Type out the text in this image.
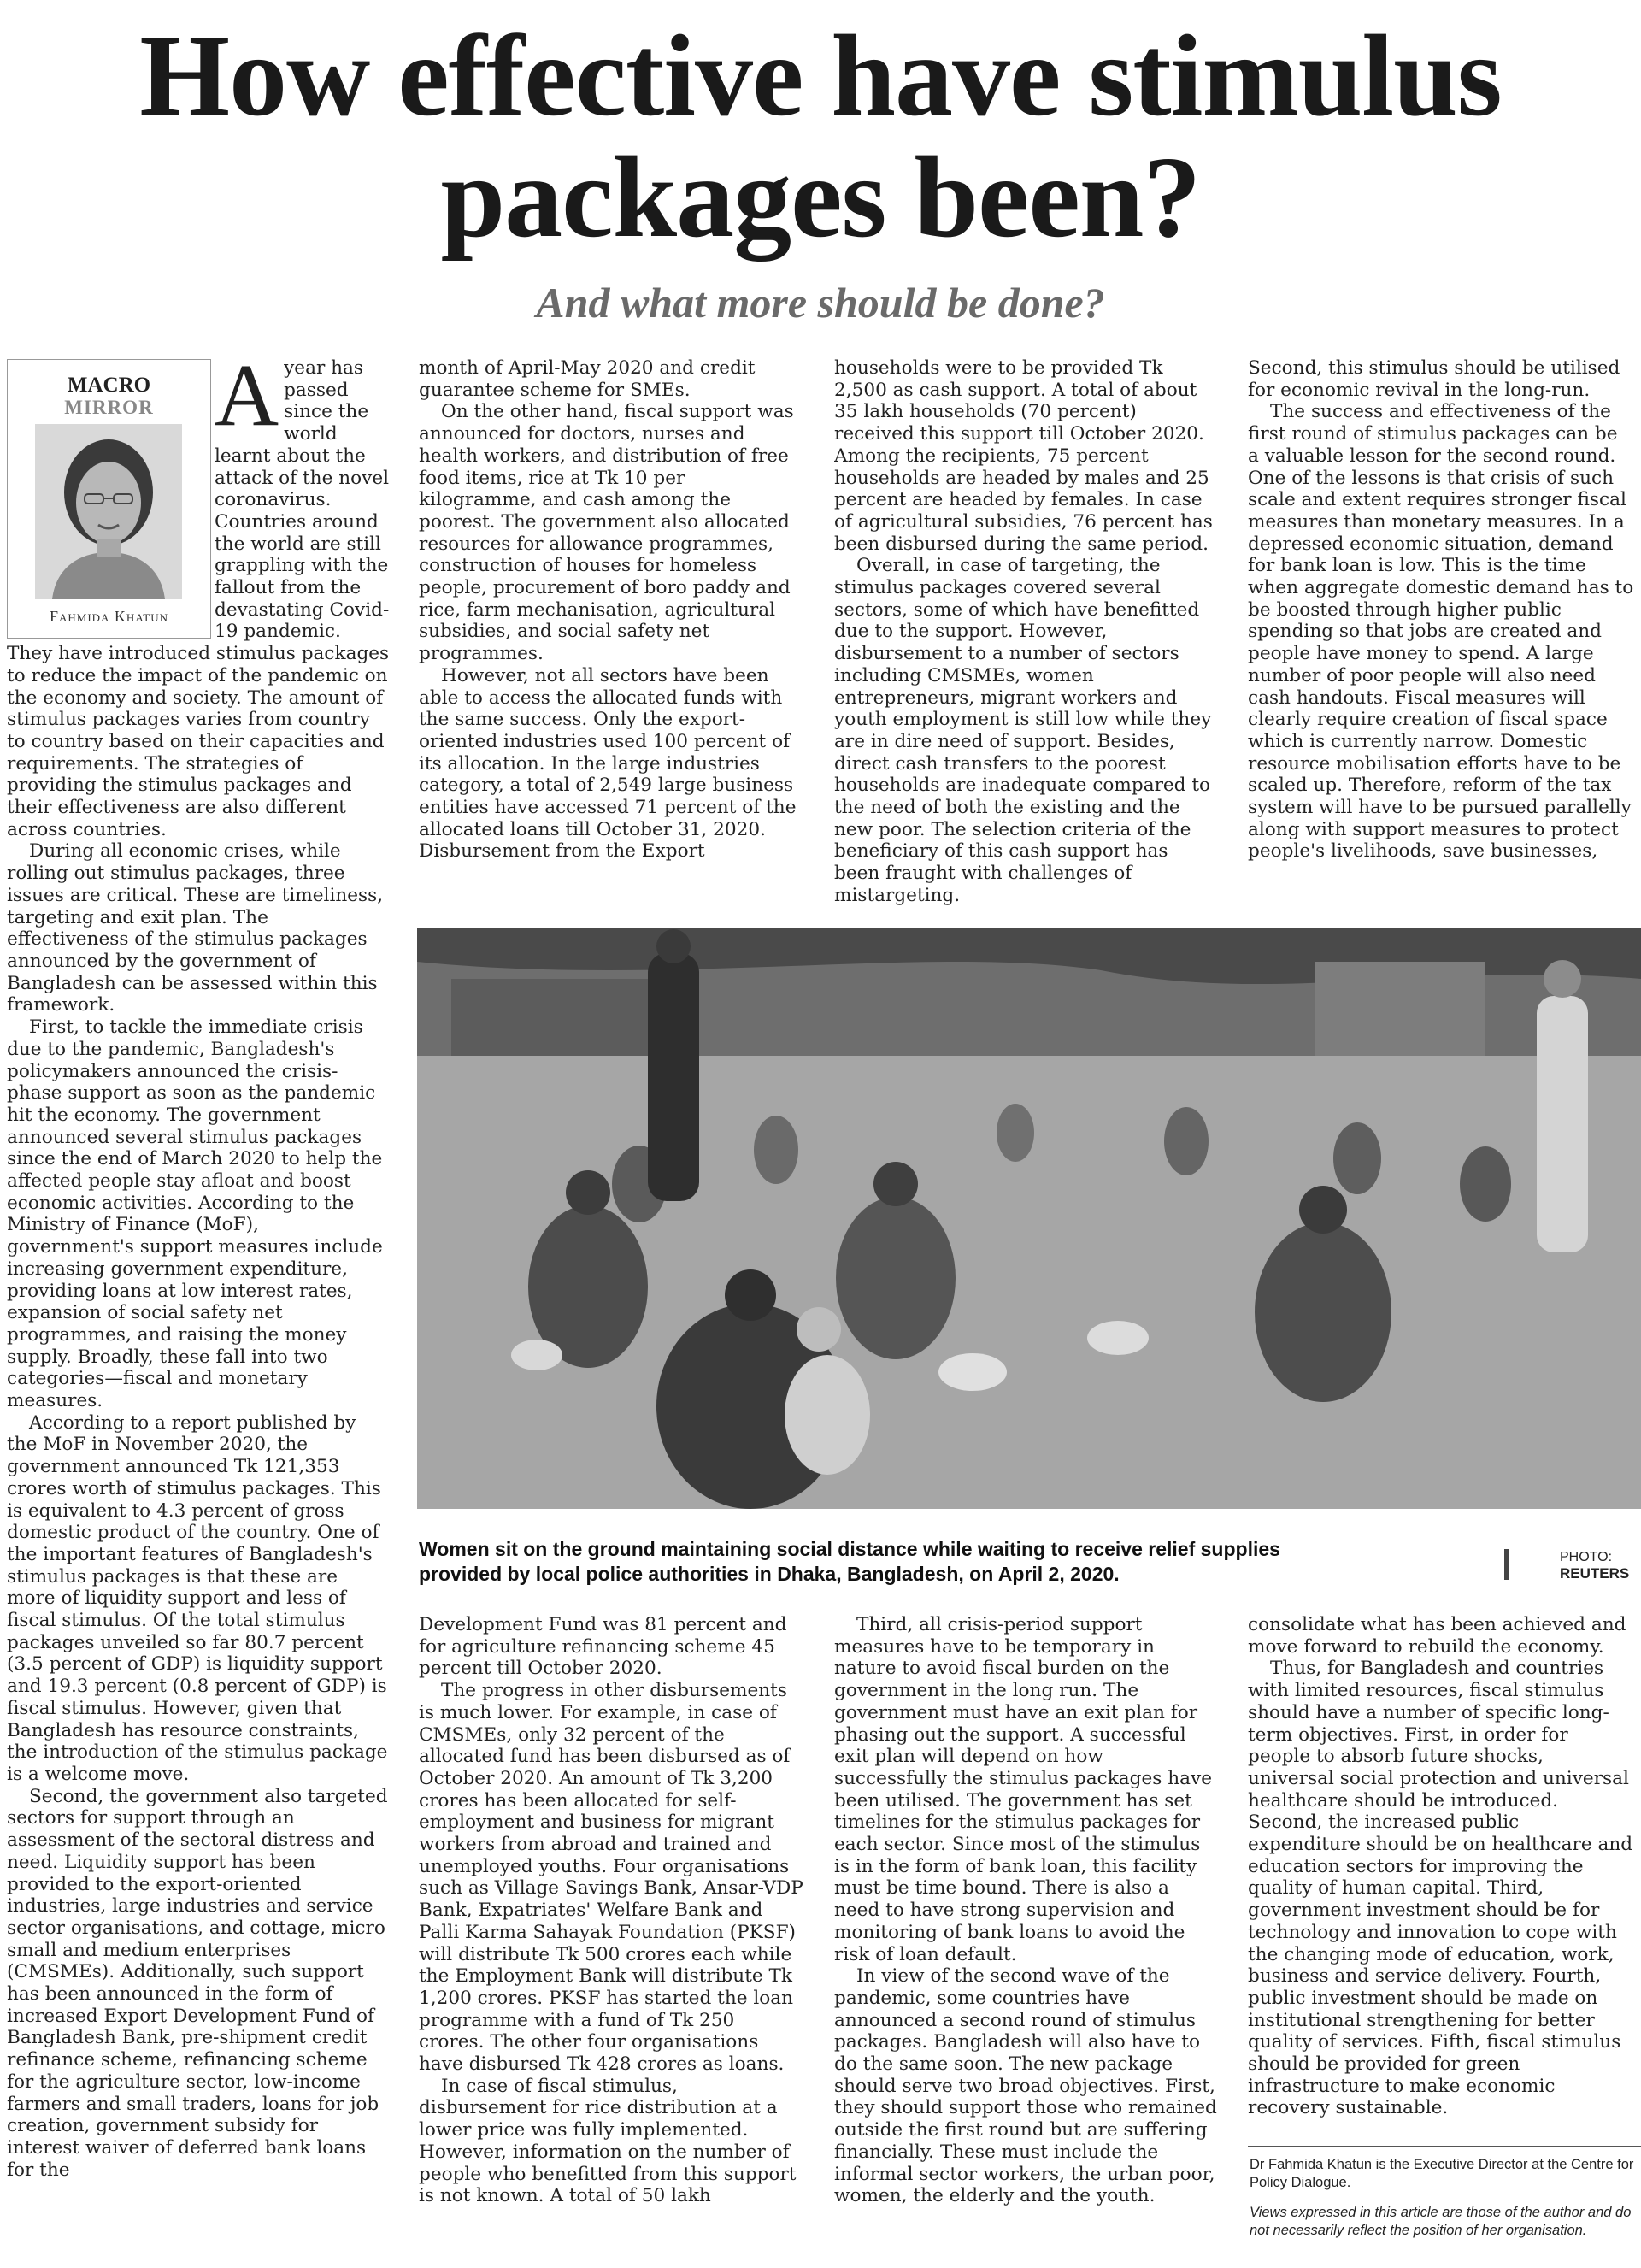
How effective have stimulus packages been?
And what more should be done?
MACRO
MIRROR
Fahmida Khatun
A year has passed since the world learnt about the attack of the novel coronavirus. Countries around the world are still grappling with the fallout from the devastating Covid-19 pandemic. They have introduced stimulus packages to reduce the impact of the pandemic on the economy and society. The amount of stimulus packages varies from country to country based on their capacities and requirements. The strategies of providing the stimulus packages and their effectiveness are also different across countries.

During all economic crises, while rolling out stimulus packages, three issues are critical. These are timeliness, targeting and exit plan. The effectiveness of the stimulus packages announced by the government of Bangladesh can be assessed within this framework.

First, to tackle the immediate crisis due to the pandemic, Bangladesh's policymakers announced the crisis-phase support as soon as the pandemic hit the economy. The government announced several stimulus packages since the end of March 2020 to help the affected people stay afloat and boost economic activities. According to the Ministry of Finance (MoF), government's support measures include increasing government expenditure, providing loans at low interest rates, expansion of social safety net programmes, and raising the money supply. Broadly, these fall into two categories—fiscal and monetary measures.

According to a report published by the MoF in November 2020, the government announced Tk 121,353 crores worth of stimulus packages. This is equivalent to 4.3 percent of gross domestic product of the country. One of the important features of Bangladesh's stimulus packages is that these are more of liquidity support and less of fiscal stimulus. Of the total stimulus packages unveiled so far 80.7 percent (3.5 percent of GDP) is liquidity support and 19.3 percent (0.8 percent of GDP) is fiscal stimulus. However, given that Bangladesh has resource constraints, the introduction of the stimulus package is a welcome move.

Second, the government also targeted sectors for support through an assessment of the sectoral distress and need. Liquidity support has been provided to the export-oriented industries, large industries and service sector organisations, and cottage, micro small and medium enterprises (CMSMEs). Additionally, such support has been announced in the form of increased Export Development Fund of Bangladesh Bank, pre-shipment credit refinance scheme, refinancing scheme for the agriculture sector, low-income farmers and small traders, loans for job creation, government subsidy for interest waiver of deferred bank loans for the

month of April-May 2020 and credit guarantee scheme for SMEs.

On the other hand, fiscal support was announced for doctors, nurses and health workers, and distribution of free food items, rice at Tk 10 per kilogramme, and cash among the poorest. The government also allocated resources for allowance programmes, construction of houses for homeless people, procurement of boro paddy and rice, farm mechanisation, agricultural subsidies, and social safety net programmes.

However, not all sectors have been able to access the allocated funds with the same success. Only the export-oriented industries used 100 percent of its allocation. In the large industries category, a total of 2,549 large business entities have accessed 71 percent of the allocated loans till October 31, 2020. Disbursement from the Export

households were to be provided Tk 2,500 as cash support. A total of about 35 lakh households (70 percent) received this support till October 2020. Among the recipients, 75 percent households are headed by males and 25 percent are headed by females. In case of agricultural subsidies, 76 percent has been disbursed during the same period.

Overall, in case of targeting, the stimulus packages covered several sectors, some of which have benefitted due to the support. However, disbursement to a number of sectors including CMSMEs, women entrepreneurs, migrant workers and youth employment is still low while they are in dire need of support. Besides, direct cash transfers to the poorest households are inadequate compared to the need of both the existing and the new poor. The selection criteria of the beneficiary of this cash support has been fraught with challenges of mistargeting.

Second, this stimulus should be utilised for economic revival in the long-run.

The success and effectiveness of the first round of stimulus packages can be a valuable lesson for the second round. One of the lessons is that crisis of such scale and extent requires stronger fiscal measures than monetary measures. In a depressed economic situation, demand for bank loan is low. This is the time when aggregate domestic demand has to be boosted through higher public spending so that jobs are created and people have money to spend. A large number of poor people will also need cash handouts. Fiscal measures will clearly require creation of fiscal space which is currently narrow. Domestic resource mobilisation efforts have to be scaled up. Therefore, reform of the tax system will have to be pursued parallelly along with support measures to protect people's livelihoods, save businesses,

Women sit on the ground maintaining social distance while waiting to receive relief supplies provided by local police authorities in Dhaka, Bangladesh, on April 2, 2020.

PHOTO:
REUTERS

Development Fund was 81 percent and for agriculture refinancing scheme 45 percent till October 2020.

The progress in other disbursements is much lower. For example, in case of CMSMEs, only 32 percent of the allocated fund has been disbursed as of October 2020. An amount of Tk 3,200 crores has been allocated for self-employment and business for migrant workers from abroad and trained and unemployed youths. Four organisations such as Village Savings Bank, Ansar-VDP Bank, Expatriates' Welfare Bank and Palli Karma Sahayak Foundation (PKSF) will distribute Tk 500 crores each while the Employment Bank will distribute Tk 1,200 crores. PKSF has started the loan programme with a fund of Tk 250 crores. The other four organisations have disbursed Tk 428 crores as loans.

In case of fiscal stimulus, disbursement for rice distribution at a lower price was fully implemented. However, information on the number of people who benefitted from this support is not known. A total of 50 lakh

Third, all crisis-period support measures have to be temporary in nature to avoid fiscal burden on the government in the long run. The government must have an exit plan for phasing out the support. A successful exit plan will depend on how successfully the stimulus packages have been utilised. The government has set timelines for the stimulus packages for each sector. Since most of the stimulus is in the form of bank loan, this facility must be time bound. There is also a need to have strong supervision and monitoring of bank loans to avoid the risk of loan default.

In view of the second wave of the pandemic, some countries have announced a second round of stimulus packages. Bangladesh will also have to do the same soon. The new package should serve two broad objectives. First, they should support those who remained outside the first round but are suffering financially. These must include the informal sector workers, the urban poor, women, the elderly and the youth.

consolidate what has been achieved and move forward to rebuild the economy.

Thus, for Bangladesh and countries with limited resources, fiscal stimulus should have a number of specific long-term objectives. First, in order for people to absorb future shocks, universal social protection and universal healthcare should be introduced. Second, the increased public expenditure should be on healthcare and education sectors for improving the quality of human capital. Third, government investment should be for technology and innovation to cope with the changing mode of education, work, business and service delivery. Fourth, public investment should be made on institutional strengthening for better quality of services. Fifth, fiscal stimulus should be provided for green infrastructure to make economic recovery sustainable.

Dr Fahmida Khatun is the Executive Director at the Centre for Policy Dialogue.

Views expressed in this article are those of the author and do not necessarily reflect the position of her organisation.
